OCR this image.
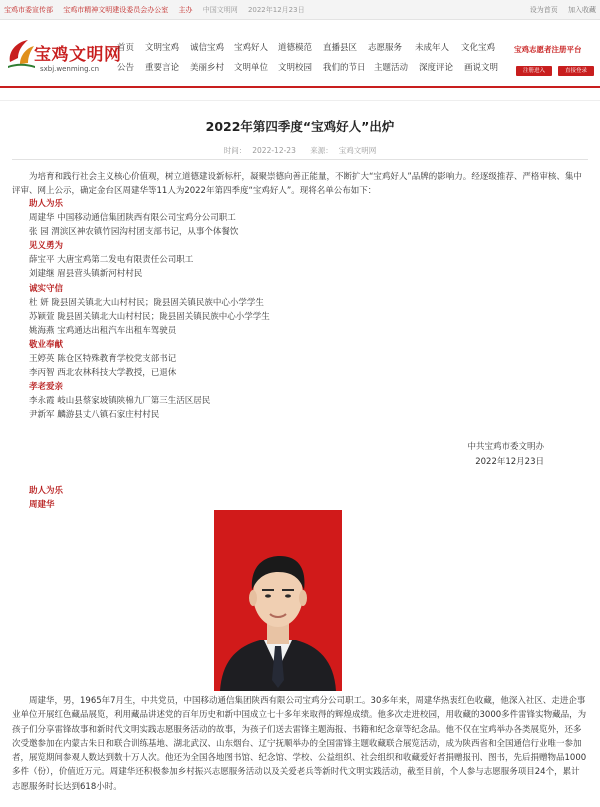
宝鸡市委宣传部 宝鸡市精神文明建设委员会办公室 主办 中国文明网 2022年12月23日	设为首页 加入收藏
宝鸡文明网
sxbj.wenming.cn
首页 文明宝鸡 诚信宝鸡 宝鸡好人 道德模范 直播县区 志愿服务 未成年人 文化宝鸡
公告 重要言论 美丽乡村 文明单位 文明校园 我们的节日 主题活动 深度评论 画说文明
宝鸡志愿者注册平台
注册进入	直接登录
2022年第四季度“宝鸡好人”出炉
时间： 2022-12-23 来源： 宝鸡文明网

为培育和践行社会主义核心价值观，树立道德建设新标杆，凝聚崇德向善正能量，不断扩大“宝鸡好人”品牌的影响力。经逐级推荐、严格审核、集中评审、网上公示，确定金台区周建华等11人为2022年第四季度“宝鸡好人”。现将名单公布如下：

助人为乐
周建华 中国移动通信集团陕西有限公司宝鸡分公司职工
张 园 渭滨区神农镇竹园沟村团支部书记，从事个体餐饮
见义勇为
薛宝平 大唐宝鸡第二发电有限责任公司职工
刘建继 眉县营头镇新河村村民
诚实守信
杜 妍 陇县固关镇北大山村村民；陇县固关镇民族中心小学学生
苏颖萱 陇县固关镇北大山村村民；陇县固关镇民族中心小学学生
姚海燕 宝鸡通达出租汽车出租车驾驶员
敬业奉献
王婷英 陈仓区特殊教育学校党支部书记
李丙智 西北农林科技大学教授，已退休
孝老爱亲
李永霞 岐山县蔡家坡镇陕棉九厂第三生活区居民
尹新军 麟游县丈八镇石家庄村村民
中共宝鸡市委文明办
2022年12月23日
助人为乐
周建华

周建华，男，1965年7月生，中共党员，中国移动通信集团陕西有限公司宝鸡分公司职工。30多年来，周建华热衷红色收藏，他深入社区、走进企事业单位开展红色藏品展览，利用藏品讲述党的百年历史和新中国成立七十多年来取得的辉煌成绩。他多次走进校园，用收藏的3000多件雷锋实物藏品，为孩子们分享雷锋故事和新时代文明实践志愿服务活动的故事，为孩子们送去雷锋主题海报、书籍和纪念章等纪念品。他不仅在宝鸡举办各类展览外，还多次受邀参加在内蒙古朱日和联合训练基地、湖北武汉、山东烟台、辽宁抚顺举办的全国雷锋主题收藏联合展览活动，成为陕西省和全国通信行业唯一参加者，展览期间参观人数达到数十万人次。他还为全国各地图书馆、纪念馆、学校、公益组织、社会组织和收藏爱好者捐赠报刊、图书，先后捐赠物品1000多件（份），价值近万元。周建华还积极参加乡村振兴志愿服务活动以及关爱老兵等新时代文明实践活动，截至目前，个人参与志愿服务项目24个，累计志愿服务时长达到618小时。
